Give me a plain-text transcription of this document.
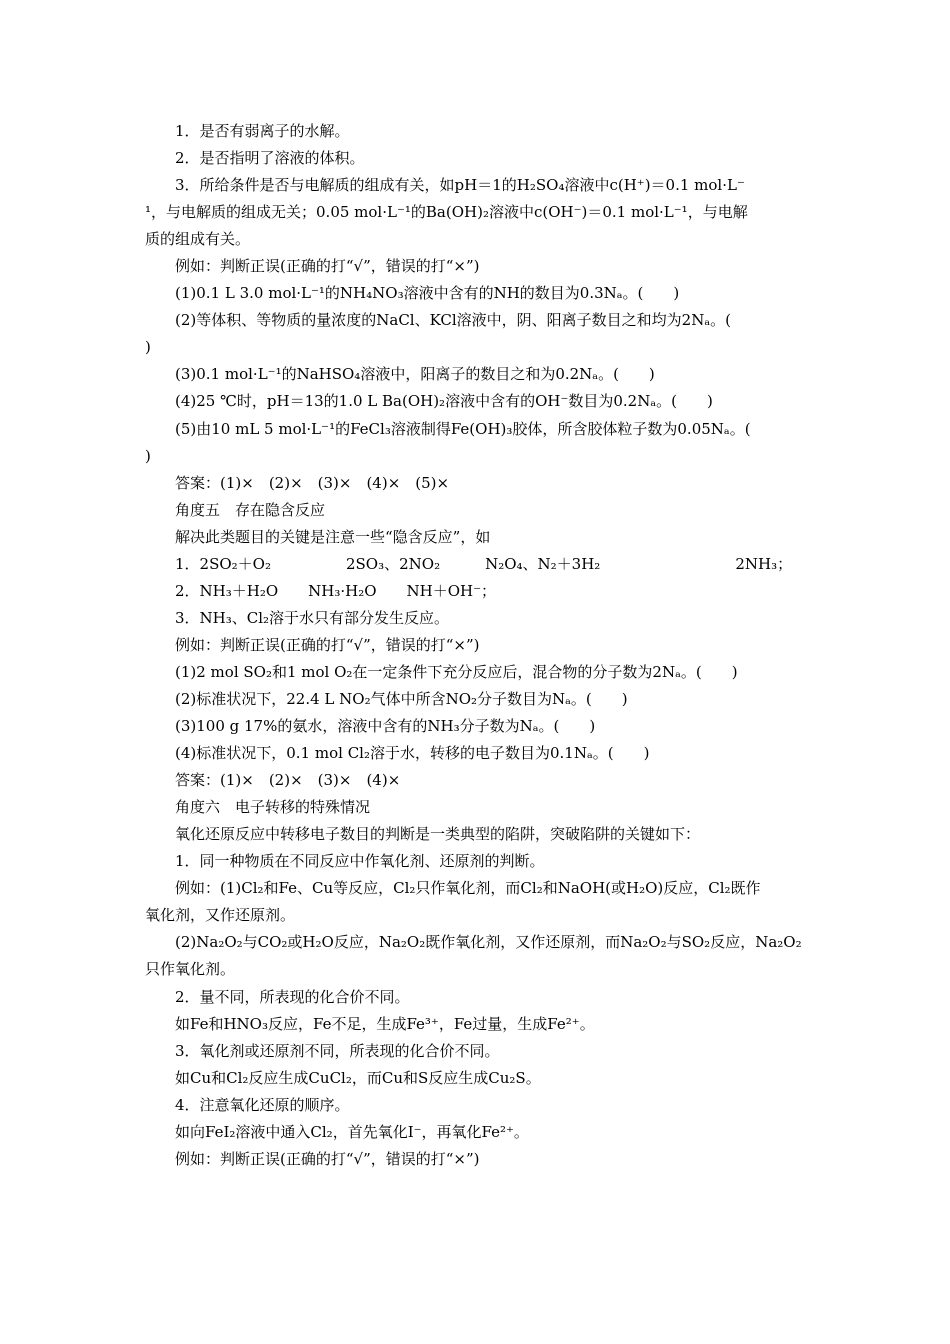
1．是否有弱离子的水解。

2．是否指明了溶液的体积。

3．所给条件是否与电解质的组成有关，如pH＝1的H₂SO₄溶液中c(H⁺)＝0.1 mol·L⁻

¹，与电解质的组成无关；0.05 mol·L⁻¹的Ba(OH)₂溶液中c(OH⁻)＝0.1 mol·L⁻¹，与电解

质的组成有关。

例如：判断正误(正确的打“√”，错误的打“×”)

(1)0.1 L 3.0 mol·L⁻¹的NH₄NO₃溶液中含有的NH的数目为0.3Nₐ。(　　)

(2)等体积、等物质的量浓度的NaCl、KCl溶液中，阴、阳离子数目之和均为2Nₐ。(

)

(3)0.1 mol·L⁻¹的NaHSO₄溶液中，阳离子的数目之和为0.2Nₐ。(　　)

(4)25 ℃时，pH＝13的1.0 L Ba(OH)₂溶液中含有的OH⁻数目为0.2Nₐ。(　　)

(5)由10 mL 5 mol·L⁻¹的FeCl₃溶液制得Fe(OH)₃胶体，所含胶体粒子数为0.05Nₐ。(

)

答案：(1)×　(2)×　(3)×　(4)×　(5)×

角度五　存在隐含反应

解决此类题目的关键是注意一些“隐含反应”，如

1．2SO₂＋O₂　　　　　2SO₃、2NO₂　　　N₂O₄、N₂＋3H₂　　　　　　　　　2NH₃；

2．NH₃＋H₂O　　NH₃·H₂O　　NH＋OH⁻；

3．NH₃、Cl₂溶于水只有部分发生反应。

例如：判断正误(正确的打“√”，错误的打“×”)

(1)2 mol SO₂和1 mol O₂在一定条件下充分反应后，混合物的分子数为2Nₐ。(　　)

(2)标准状况下，22.4 L NO₂气体中所含NO₂分子数目为Nₐ。(　　)

(3)100 g 17%的氨水，溶液中含有的NH₃分子数为Nₐ。(　　)

(4)标准状况下，0.1 mol Cl₂溶于水，转移的电子数目为0.1Nₐ。(　　)

答案：(1)×　(2)×　(3)×　(4)×

角度六　电子转移的特殊情况

氧化还原反应中转移电子数目的判断是一类典型的陷阱，突破陷阱的关键如下：

1．同一种物质在不同反应中作氧化剂、还原剂的判断。

例如：(1)Cl₂和Fe、Cu等反应，Cl₂只作氧化剂，而Cl₂和NaOH(或H₂O)反应，Cl₂既作

氧化剂，又作还原剂。

(2)Na₂O₂与CO₂或H₂O反应，Na₂O₂既作氧化剂，又作还原剂，而Na₂O₂与SO₂反应，Na₂O₂

只作氧化剂。

2．量不同，所表现的化合价不同。

如Fe和HNO₃反应，Fe不足，生成Fe³⁺，Fe过量，生成Fe²⁺。

3．氧化剂或还原剂不同，所表现的化合价不同。

如Cu和Cl₂反应生成CuCl₂，而Cu和S反应生成Cu₂S。

4．注意氧化还原的顺序。

如向FeI₂溶液中通入Cl₂，首先氧化I⁻，再氧化Fe²⁺。

例如：判断正误(正确的打“√”，错误的打“×”)
